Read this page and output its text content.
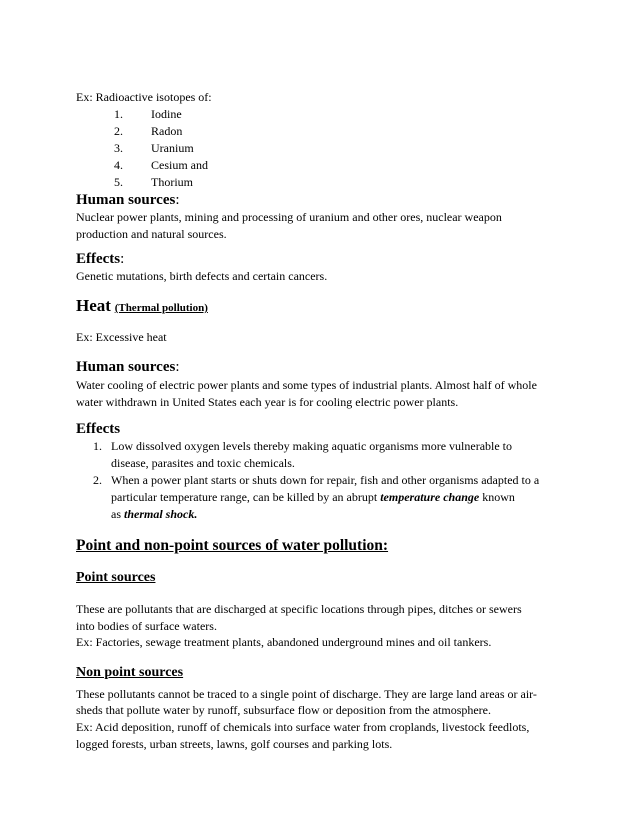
Ex: Radioactive isotopes of:
1. Iodine
2. Radon
3. Uranium
4. Cesium and
5. Thorium
Human sources:
Nuclear power plants, mining and processing of uranium and other ores, nuclear weapon
production and natural sources.
Effects:
Genetic mutations, birth defects and certain cancers.
Heat (Thermal pollution)
Ex: Excessive heat
Human sources:
Water cooling of electric power plants and some types of industrial plants. Almost half of whole
water withdrawn in United States each year is for cooling electric power plants.
Effects
1. Low dissolved oxygen levels thereby making aquatic organisms more vulnerable to
disease, parasites and toxic chemicals.
2. When a power plant starts or shuts down for repair, fish and other organisms adapted to a
particular temperature range, can be killed by an abrupt temperature change known
as thermal shock.
Point and non-point sources of water pollution:
Point sources
These are pollutants that are discharged at specific locations through pipes, ditches or sewers
into bodies of surface waters.
Ex: Factories, sewage treatment plants, abandoned underground mines and oil tankers.
Non point sources
These pollutants cannot be traced to a single point of discharge. They are large land areas or air-
sheds that pollute water by runoff, subsurface flow or deposition from the atmosphere.
Ex: Acid deposition, runoff of chemicals into surface water from croplands, livestock feedlots,
logged forests, urban streets, lawns, golf courses and parking lots.
